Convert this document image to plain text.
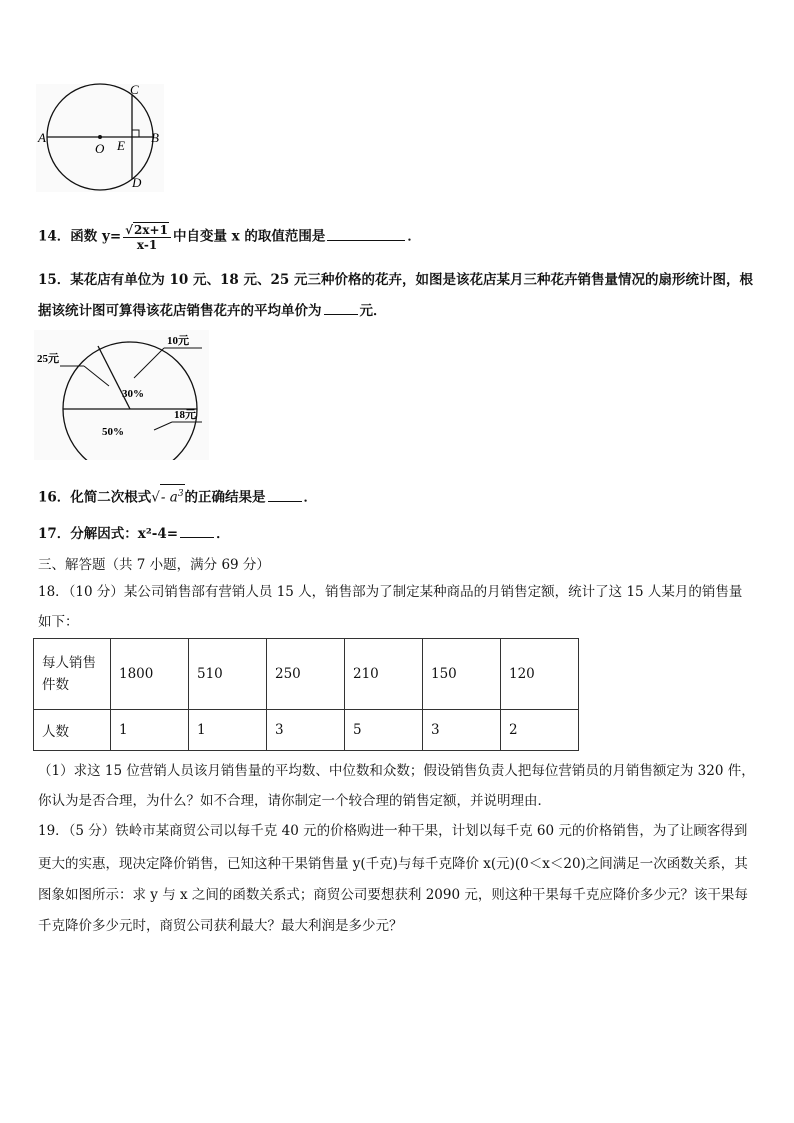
A	B
C
D
O E
14．函数 $y= \frac{√2x+1}{x-1}$ 中自变量 x 的取值范围是	．
15．某花店有单位为 10 元、18 元、25 元三种价格的花卉，如图是该花店某月三种花卉销售量情况的扇形统计图，根
据该统计图可算得该花店销售花卉的平均单价为	元．
10元
25元
18元
30%
50%
16．化简二次根式√- $a^3$的正确结果是	．
17．分解因式：x²-4=	．
三、解答题（共 7 小题，满分 69 分）
18．（10 分）某公司销售部有营销人员 15 人，销售部为了制定某种商品的月销售定额，统计了这 15 人某月的销售量
如下：
每人销售
件数	1800	510	250	210	150	120
人数	1	1	3	5	3	2
（1）求这 15 位营销人员该月销售量的平均数、中位数和众数；假设销售负责人把每位营销员的月销售额定为 320 件，
你认为是否合理，为什么？如不合理，请你制定一个较合理的销售定额，并说明理由．
19．（5 分）铁岭市某商贸公司以每千克 40 元的价格购进一种干果，计划以每千克 60 元的价格销售，为了让顾客得到
更大的实惠，现决定降价销售，已知这种干果销售量 y(千克)与每千克降价 x(元)(0＜x＜20)之间满足一次函数关系，其
图象如图所示：求 y 与 x 之间的函数关系式；商贸公司要想获利 2090 元，则这种干果每千克应降价多少元？该干果每
千克降价多少元时，商贸公司获利最大？最大利润是多少元？
